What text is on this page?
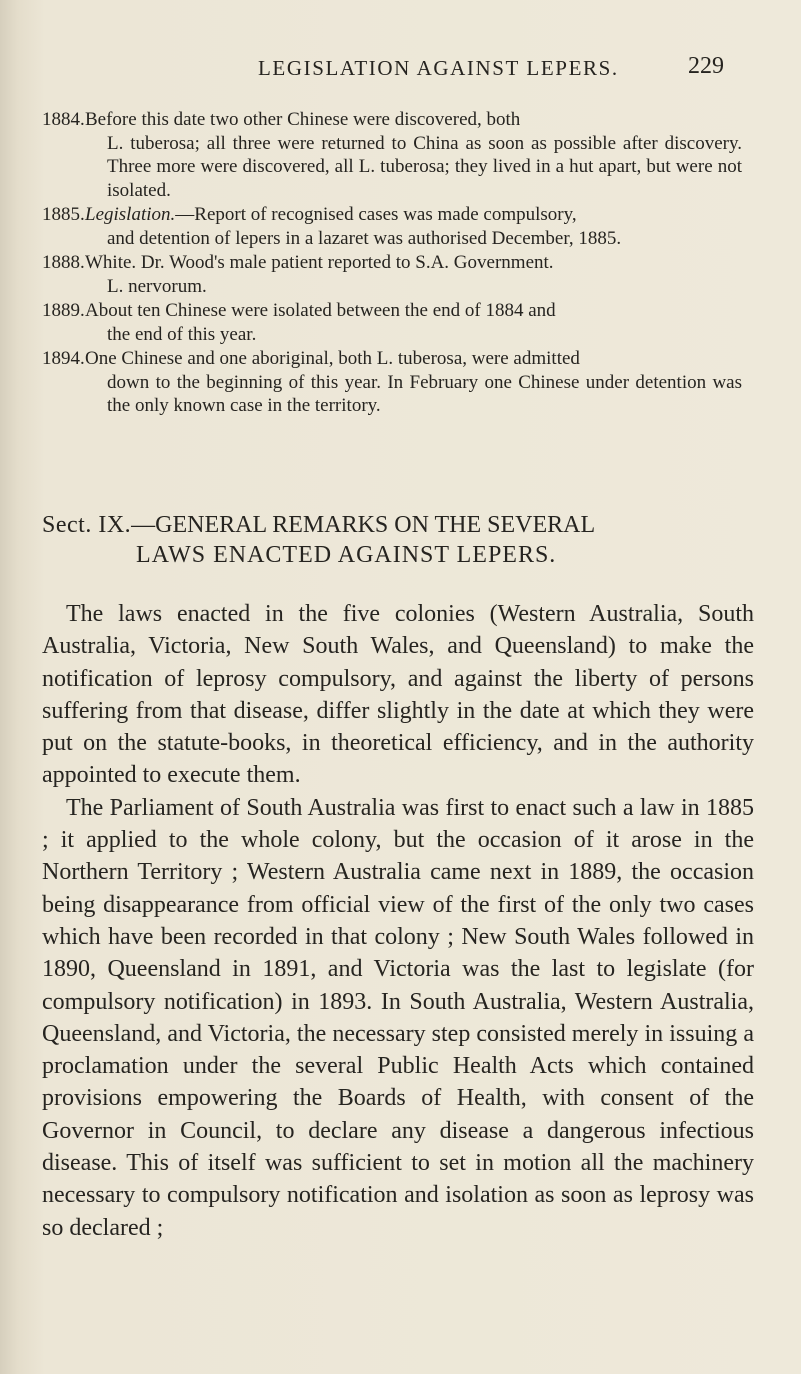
LEGISLATION AGAINST LEPERS.	229
1884. Before this date two other Chinese were discovered, both
L. tuberosa; all three were returned to China as soon as possible after discovery. Three more were discovered, all L. tuberosa; they lived in a hut apart, but were not isolated.
1885. Legislation.—Report of recognised cases was made compulsory,
and detention of lepers in a lazaret was authorised December, 1885.
1888. White. Dr. Wood's male patient reported to S.A. Government.
L. nervorum.
1889. About ten Chinese were isolated between the end of 1884 and
the end of this year.
1894. One Chinese and one aboriginal, both L. tuberosa, were admitted
down to the beginning of this year. In February one Chinese under detention was the only known case in the territory.
Sect. IX.—GENERAL REMARKS ON THE SEVERAL
LAWS ENACTED AGAINST LEPERS.

The laws enacted in the five colonies (Western Australia, South Australia, Victoria, New South Wales, and Queensland) to make the notification of leprosy compulsory, and against the liberty of persons suffering from that disease, differ slightly in the date at which they were put on the statute-books, in theoretical efficiency, and in the authority appointed to execute them.

The Parliament of South Australia was first to enact such a law in 1885 ; it applied to the whole colony, but the occasion of it arose in the Northern Territory ; Western Australia came next in 1889, the occasion being disappearance from official view of the first of the only two cases which have been recorded in that colony ; New South Wales followed in 1890, Queensland in 1891, and Victoria was the last to legislate (for compulsory notification) in 1893. In South Australia, Western Australia, Queensland, and Victoria, the necessary step consisted merely in issuing a proclamation under the several Public Health Acts which contained provisions empowering the Boards of Health, with consent of the Governor in Council, to declare any disease a dangerous infectious disease. This of itself was sufficient to set in motion all the machinery necessary to compulsory notification and isolation as soon as leprosy was so declared ;
